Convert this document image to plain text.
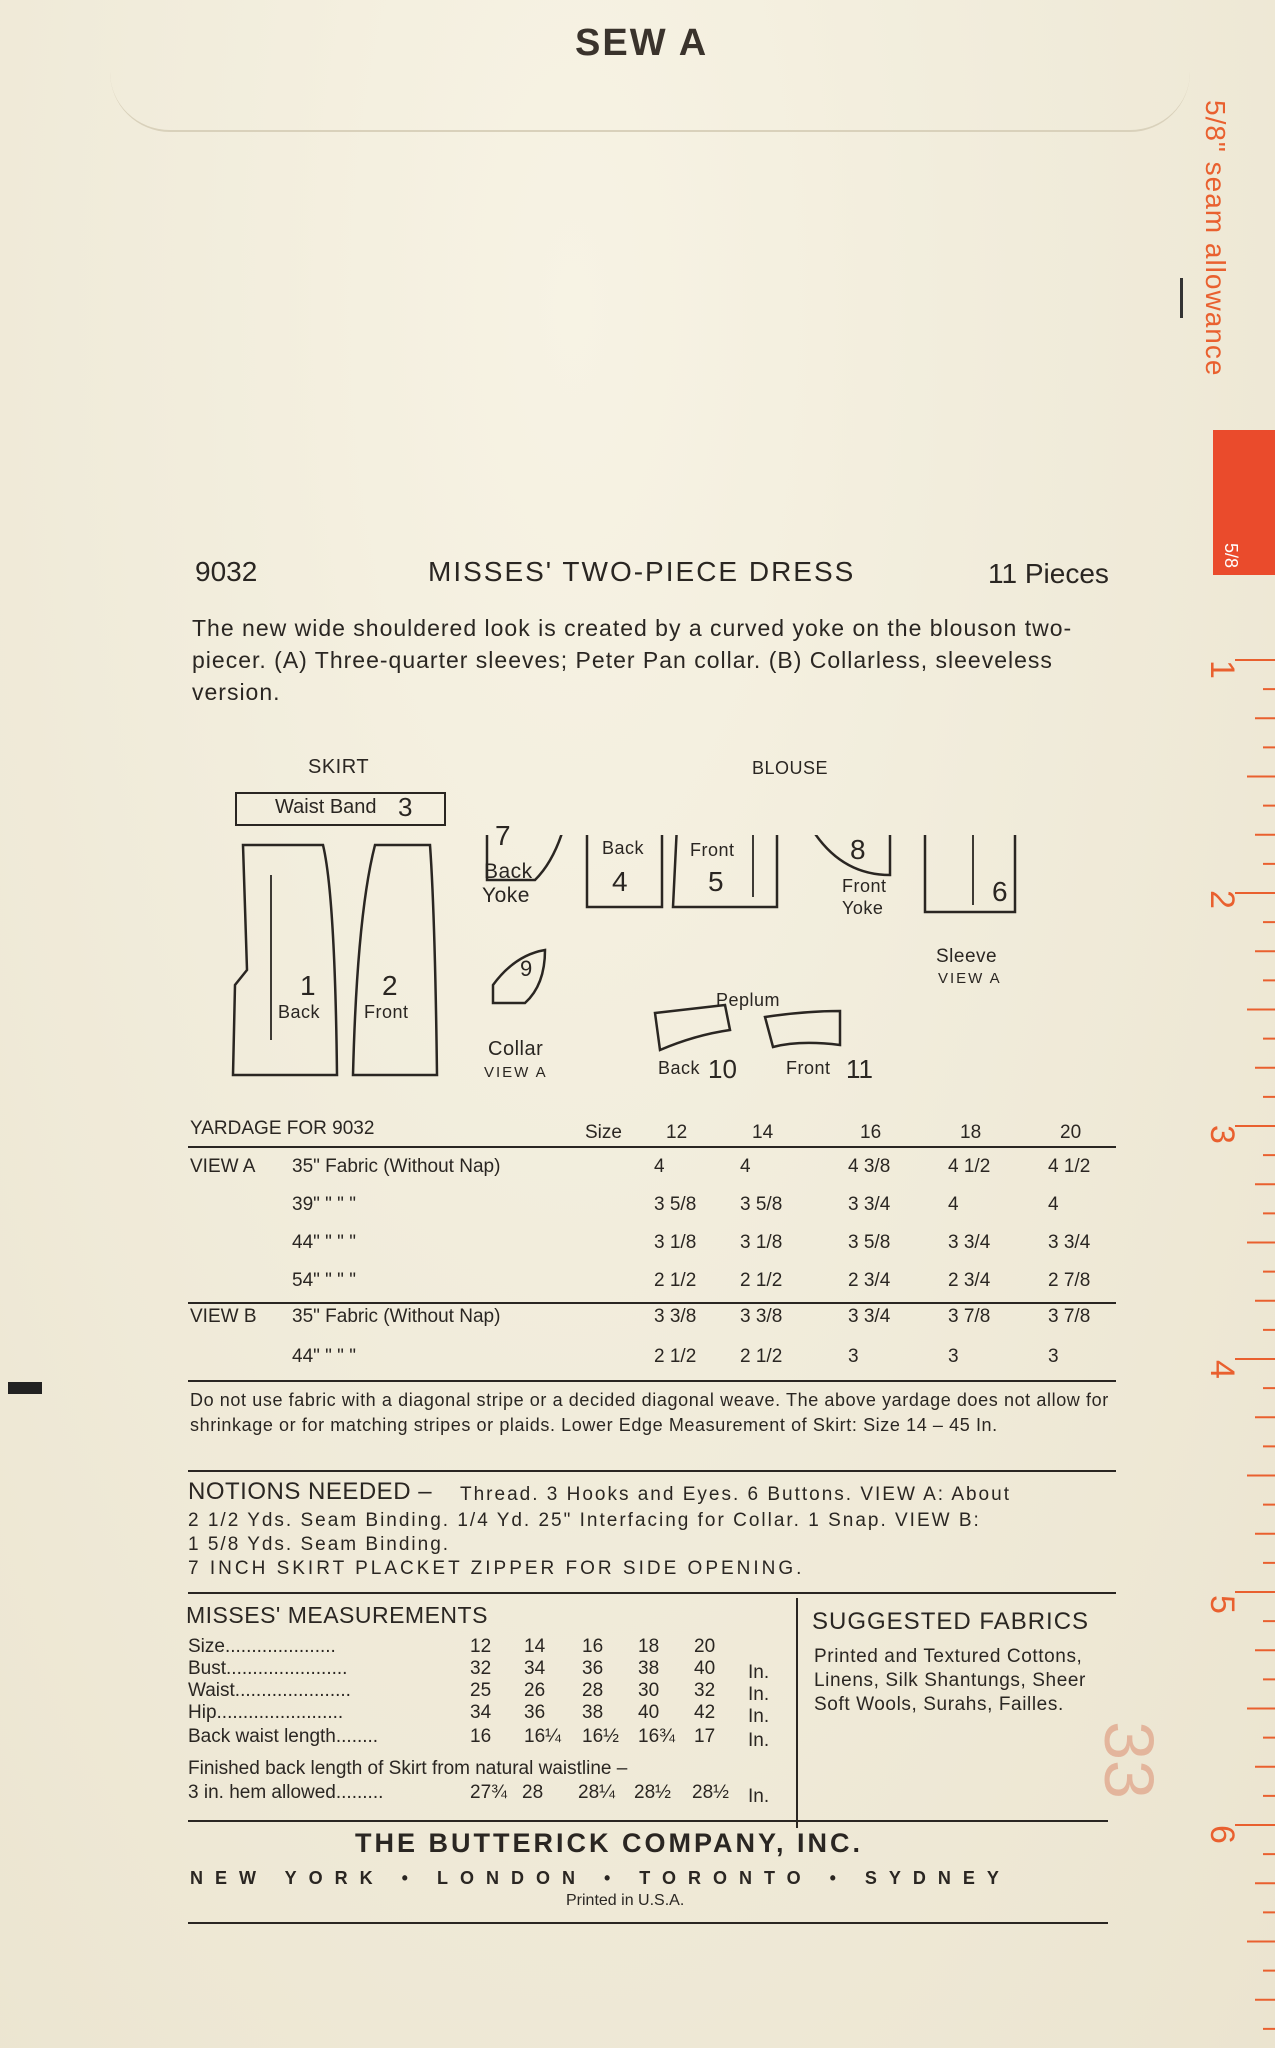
SEW A
5/8" seam allowance
1
2
3
4
5
6
5/8
9032	MISSES' TWO-PIECE DRESS	11 Pieces
The new wide shouldered look is created by a curved yoke on the blouson two-piecer. (A) Three-quarter sleeves; Peter Pan collar. (B) Collarless, sleeveless version.
SKIRT	BLOUSE
Waist Band 3
1
Back
2
Front
7
Back
Yoke
Back
4
Front
5
8
Front
Yoke
6
Sleeve
VIEW A
9
Collar
VIEW A
Peplum
Back 10	Front 11
YARDAGE FOR 9032	Size 12	14	16	18	20
VIEW A 35" Fabric (Without Nap)	4	4	4 3/8	4 1/2	4 1/2
39" " " "	3 5/8 3 5/8	3 3/4	4	4
44" " " "	3 1/8 3 1/8	3 5/8	3 3/4	3 3/4
54" " " "	2 1/2 2 1/2	2 3/4	2 3/4	2 7/8
VIEW B 35" Fabric (Without Nap)	3 3/8 3 3/8	3 3/4	3 7/8	3 7/8
44" " " "	2 1/2 2 1/2	3	3	3
Do not use fabric with a diagonal stripe or a decided diagonal weave. The above yardage does not allow for shrinkage or for matching stripes or plaids. Lower Edge Measurement of Skirt: Size 14 – 45 In.
NOTIONS NEEDED – Thread. 3 Hooks and Eyes. 6 Buttons. VIEW A: About
2 1/2 Yds. Seam Binding. 1/4 Yd. 25" Interfacing for Collar. 1 Snap. VIEW B:
1 5/8 Yds. Seam Binding.
7 INCH SKIRT PLACKET ZIPPER FOR SIDE OPENING.
MISSES' MEASUREMENTS
Size.....................	12 14 16 18 20
Bust.......................	32 34 36 38 40 In.
Waist......................	25 26 28 30 32 In.
Hip........................	34 36 38 40 42 In.
Back waist length........	16 16¼ 16½ 16¾ 17 In.
Finished back length of Skirt from natural waistline –
3 in. hem allowed.........	27¾ 28 28¼ 28½ 28½ In.
SUGGESTED FABRICS
Printed and Textured Cottons,
Linens, Silk Shantungs, Sheer
Soft Wools, Surahs, Failles.
33
THE BUTTERICK COMPANY, INC.
NEW YORK • LONDON • TORONTO • SYDNEY
Printed in U.S.A.
